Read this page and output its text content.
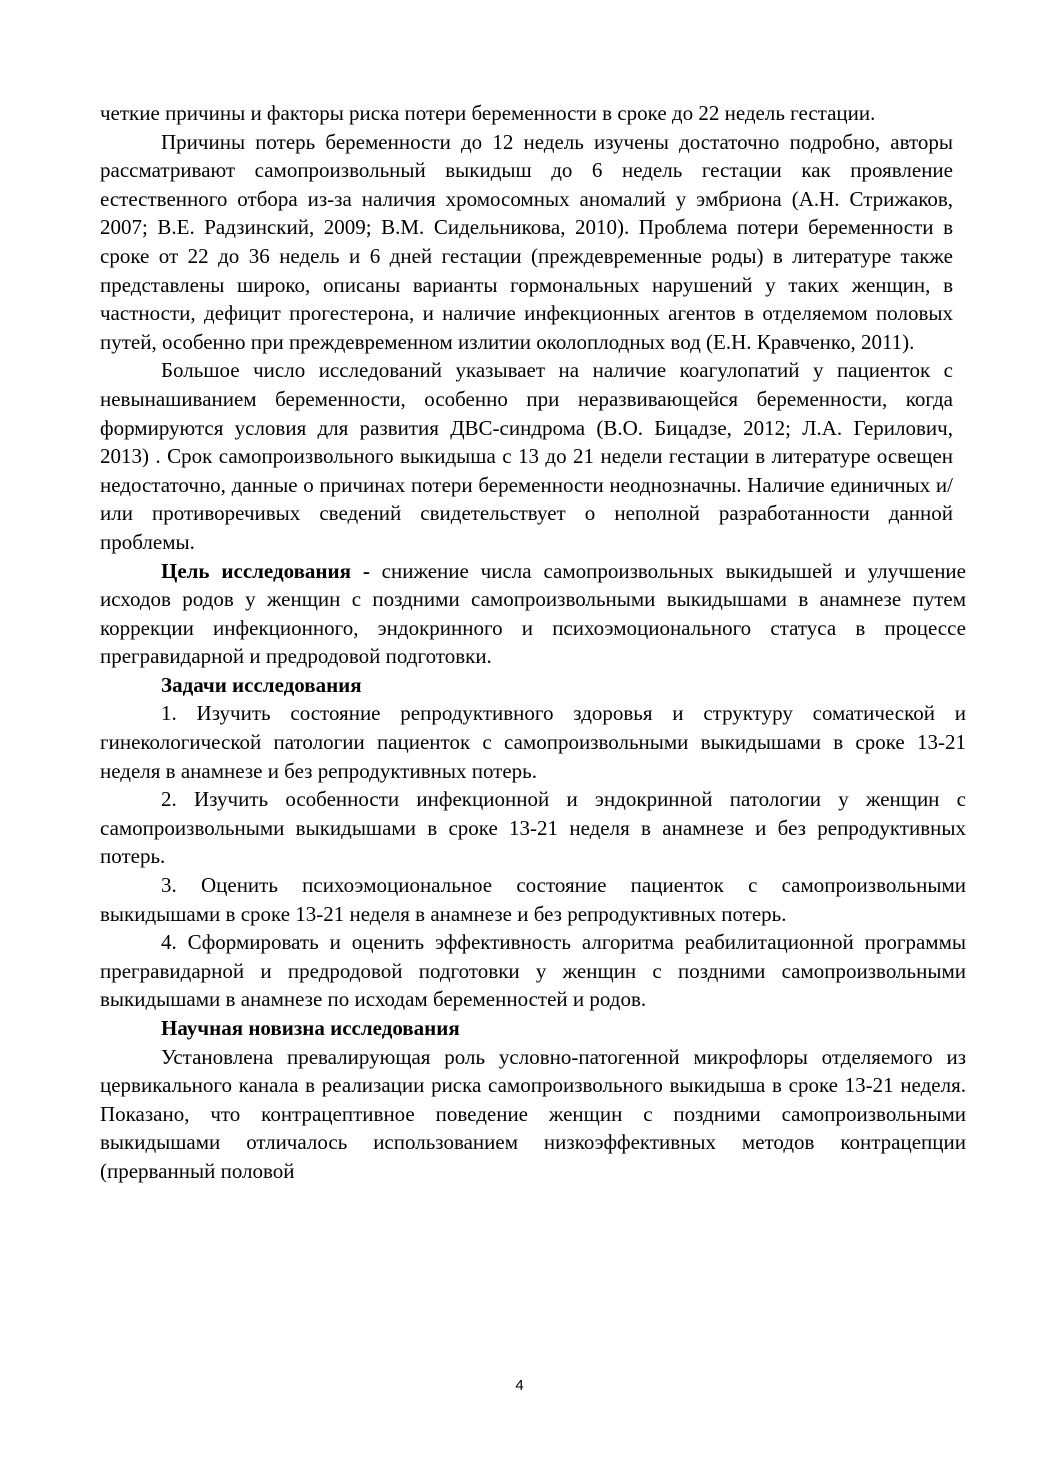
четкие причины и факторы риска потери беременности в сроке до 22 недель гестации.

Причины потерь беременности до 12 недель изучены достаточно подробно, авторы рассматривают самопроизвольный выкидыш до 6 недель гестации как проявление естественного отбора из-за наличия хромосомных аномалий у эмбриона (А.Н. Стрижаков, 2007; В.Е. Радзинский, 2009; В.М. Сидельникова, 2010). Проблема потери беременности в сроке от 22 до 36 недель и 6 дней гестации (преждевременные роды) в литературе также представлены широко, описаны варианты гормональных нарушений у таких женщин, в частности, дефицит прогестерона, и наличие инфекционных агентов в отделяемом половых путей, особенно при преждевременном излитии околоплодных вод (Е.Н. Кравченко, 2011).

Большое число исследований указывает на наличие коагулопатий у пациенток с невынашиванием беременности, особенно при неразвивающейся беременности, когда формируются условия для развития ДВС-синдрома (В.О. Бицадзе, 2012; Л.А. Герилович, 2013) . Срок самопроизвольного выкидыша с 13 до 21 недели гестации в литературе освещен недостаточно, данные о причинах потери беременности неоднозначны. Наличие единичных и/или противоречивых сведений свидетельствует о неполной разработанности данной проблемы.

Цель исследования - снижение числа самопроизвольных выкидышей и улучшение исходов родов у женщин с поздними самопроизвольными выкидышами в анамнезе путем коррекции инфекционного, эндокринного и психоэмоционального статуса в процессе прегравидарной и предродовой подготовки.

Задачи исследования

1. Изучить состояние репродуктивного здоровья и структуру соматической и гинекологической патологии пациенток с самопроизвольными выкидышами в сроке 13-21 неделя в анамнезе и без репродуктивных потерь.

2. Изучить особенности инфекционной и эндокринной патологии у женщин с самопроизвольными выкидышами в сроке 13-21 неделя в анамнезе и без репродуктивных потерь.

3. Оценить психоэмоциональное состояние пациенток с самопроизвольными выкидышами в сроке 13-21 неделя в анамнезе и без репродуктивных потерь.

4. Сформировать и оценить эффективность алгоритма реабилитационной программы прегравидарной и предродовой подготовки у женщин с поздними самопроизвольными выкидышами в анамнезе по исходам беременностей и родов.

Научная новизна исследования

Установлена превалирующая роль условно-патогенной микрофлоры отделяемого из цервикального канала в реализации риска самопроизвольного выкидыша в сроке 13-21 неделя. Показано, что контрацептивное поведение женщин с поздними самопроизвольными выкидышами отличалось использованием низкоэффективных методов контрацепции (прерванный половой

4
